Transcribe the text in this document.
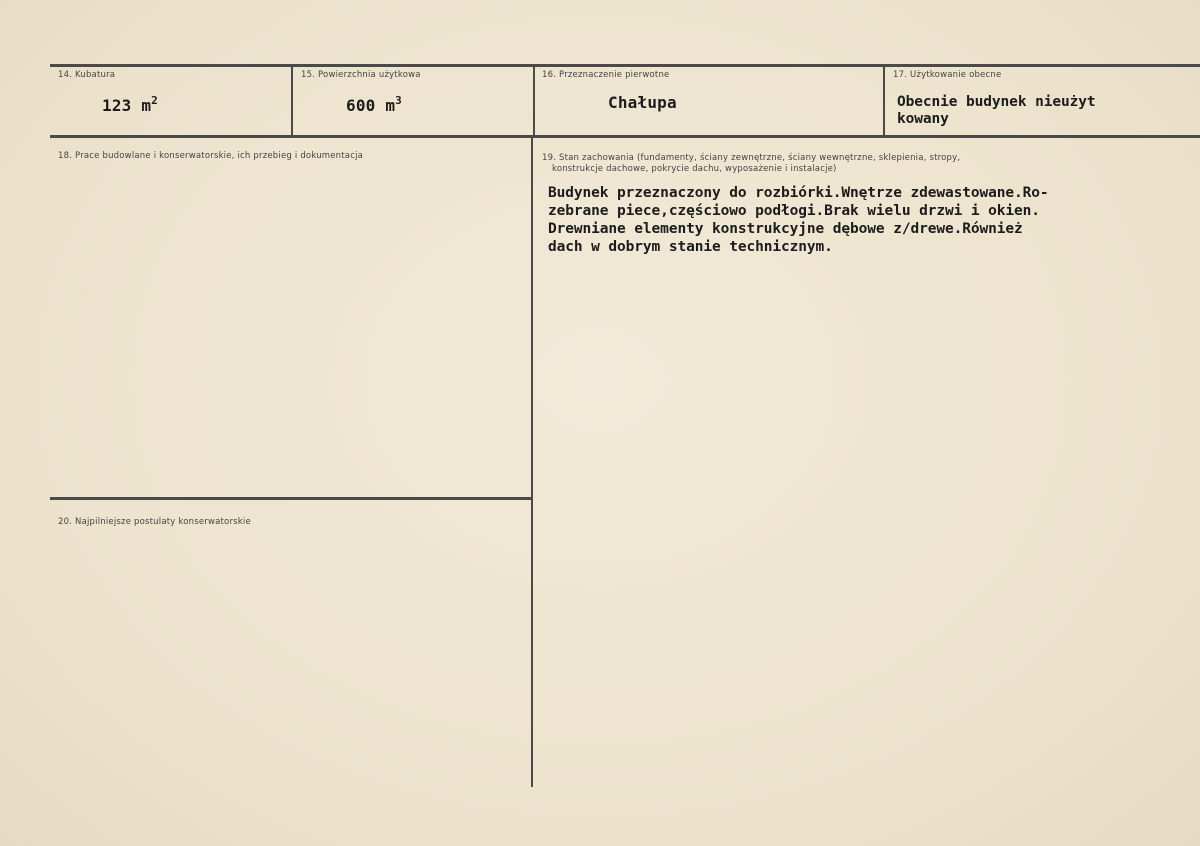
14. Kubatura
123 $m^2$
15. Powierzchnia użytkowa
600 $m^3$
16. Przeznaczenie pierwotne
Chałupa
17. Użytkowanie obecne
Obecnie budynek nieużyt
kowany
18. Prace budowlane i konserwatorskie, ich przebieg i dokumentacja	19. Stan zachowania (fundamenty, ściany zewnętrzne, ściany wewnętrzne, sklepienia, stropy,
konstrukcje dachowe, pokrycie dachu, wyposażenie i instalacje)
Budynek przeznaczony do rozbiórki.Wnętrze zdewastowane.Ro-
zebrane piece,częściowo podłogi.Brak wielu drzwi i okien.
Drewniane elementy konstrukcyjne dębowe z/drewe.Również
dach w dobrym stanie technicznym.
20. Najpilniejsze postulaty konserwatorskie
